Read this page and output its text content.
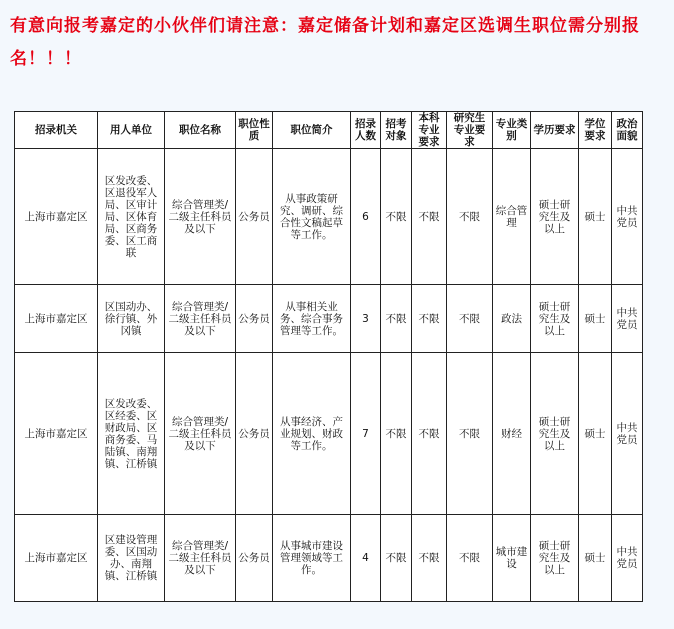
有意向报考嘉定的小伙伴们请注意：嘉定储备计划和嘉定区选调生职位需分别报名！！！
招录机关	用人单位	职位名称	职位性质	职位简介	招录人数	招考对象	本科专业要求	研究生专业要求	专业类别	学历要求	学位要求	政治面貌
上海市嘉定区	区发改委、区退役军人局、区审计局、区体育局、区商务委、区工商联	综合管理类/二级主任科员及以下	公务员	从事政策研究、调研、综合性文稿起草等工作。	6	不限	不限	不限	综合管理	硕士研究生及以上	硕士	中共党员
上海市嘉定区	区国动办、徐行镇、外冈镇	综合管理类/二级主任科员及以下	公务员	从事相关业务、综合事务管理等工作。	3	不限	不限	不限	政法	硕士研究生及以上	硕士	中共党员
上海市嘉定区	区发改委、区经委、区财政局、区商务委、马陆镇、南翔镇、江桥镇	综合管理类/二级主任科员及以下	公务员	从事经济、产业规划、财政等工作。	7	不限	不限	不限	财经	硕士研究生及以上	硕士	中共党员
上海市嘉定区	区建设管理委、区国动办、南翔镇、江桥镇	综合管理类/二级主任科员及以下	公务员	从事城市建设管理领域等工作。	4	不限	不限	不限	城市建设	硕士研究生及以上	硕士	中共党员
